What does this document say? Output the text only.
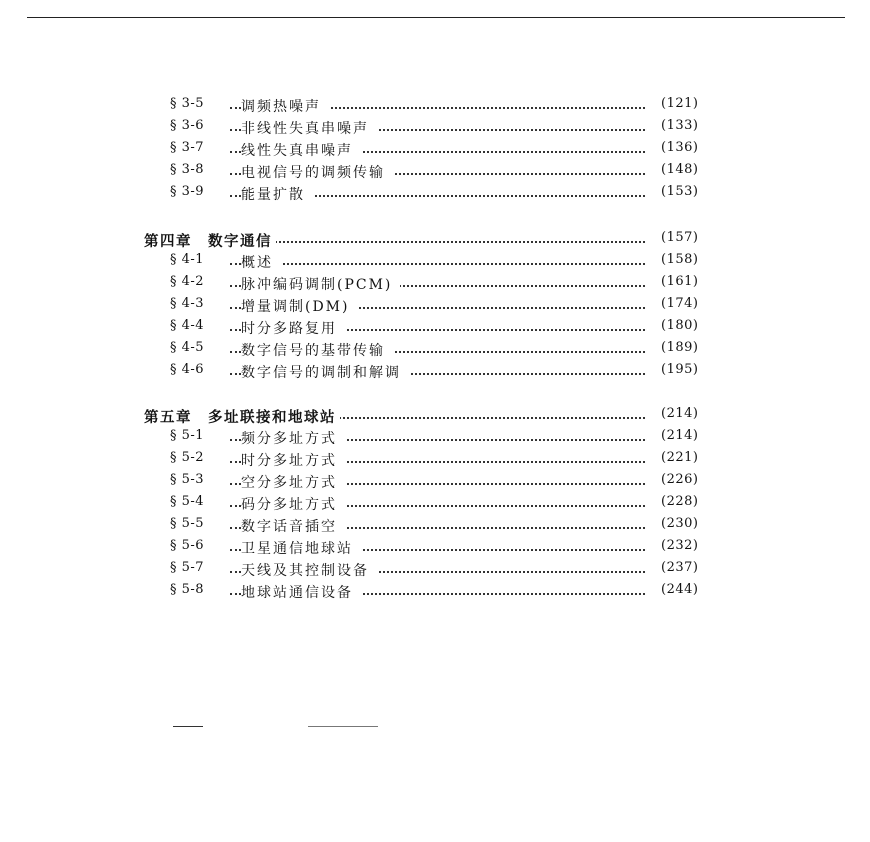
§ 3-5	调频热噪声	(121)
§ 3-6	非线性失真串噪声	(133)
§ 3-7	线性失真串噪声	(136)
§ 3-8	电视信号的调频传输	(148)
§ 3-9	能量扩散	(153)
第四章　数字通信	(157)
§ 4-1	概述	(158)
§ 4-2	脉冲编码调制(PCM)	(161)
§ 4-3	增量调制(DM)	(174)
§ 4-4	时分多路复用	(180)
§ 4-5	数字信号的基带传输	(189)
§ 4-6	数字信号的调制和解调	(195)
第五章　多址联接和地球站	(214)
§ 5-1	频分多址方式	(214)
§ 5-2	时分多址方式	(221)
§ 5-3	空分多址方式	(226)
§ 5-4	码分多址方式	(228)
§ 5-5	数字话音插空	(230)
§ 5-6	卫星通信地球站	(232)
§ 5-7	天线及其控制设备	(237)
§ 5-8	地球站通信设备	(244)
